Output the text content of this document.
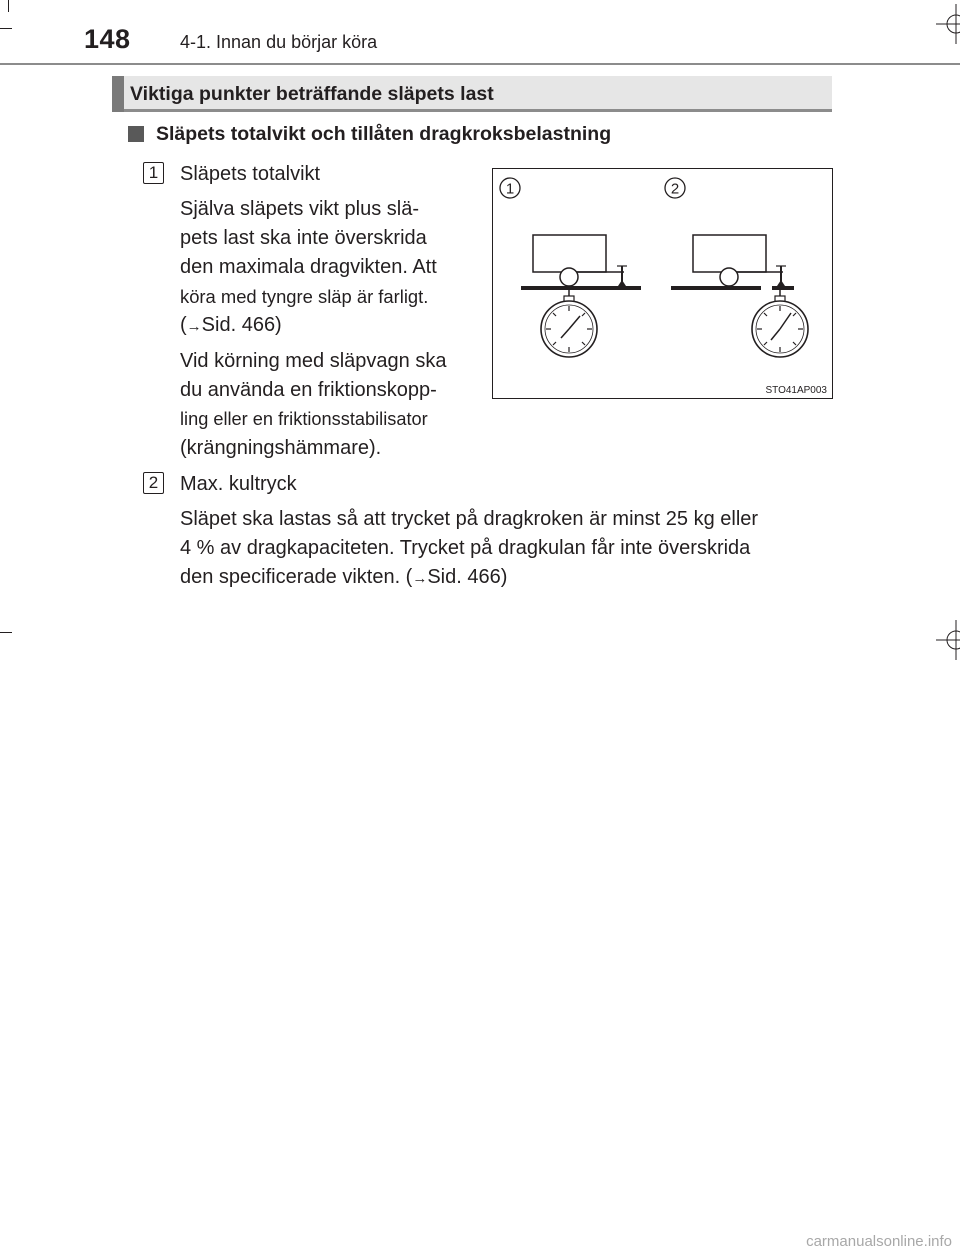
148	4-1. Innan du börjar köra
Viktiga punkter beträffande släpets last
Släpets totalvikt och tillåten dragkroksbelastning
1 Släpets totalvikt
Själva släpets vikt plus slä-
pets last ska inte överskrida
den maximala dragvikten. Att
köra med tyngre släp är farligt.
(→Sid. 466)
Vid körning med släpvagn ska
du använda en friktionskopp-
ling eller en friktionsstabilisator
(krängningshämmare).
2 Max. kultryck
Släpet ska lastas så att trycket på dragkroken är minst 25 kg eller
4 % av dragkapaciteten. Trycket på dragkulan får inte överskrida
den specificerade vikten. (→Sid. 466)
1	2
STO41AP003
carmanualsonline.info
